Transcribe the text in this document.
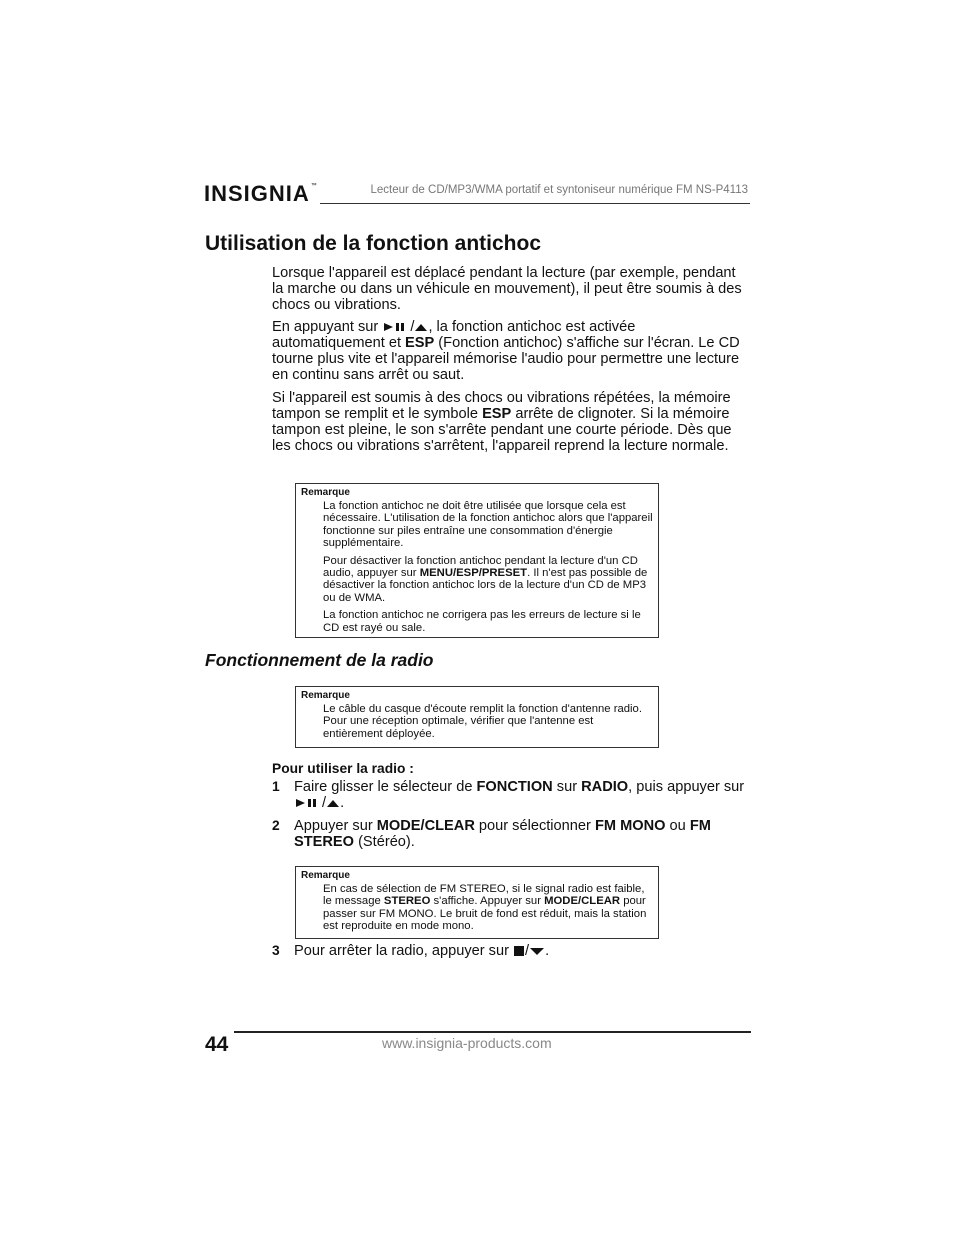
INSIGNIA™	Lecteur de CD/MP3/WMA portatif et syntoniseur numérique FM NS-P4113
Utilisation de la fonction antichoc

Lorsque l'appareil est déplacé pendant la lecture (par exemple, pendant la marche ou dans un véhicule en mouvement), il peut être soumis à des chocs ou vibrations.

En appuyant sur  / , la fonction antichoc est activée automatiquement et ESP (Fonction antichoc) s'affiche sur l'écran. Le CD tourne plus vite et l'appareil mémorise l'audio pour permettre une lecture en continu sans arrêt ou saut.

Si l'appareil est soumis à des chocs ou vibrations répétées, la mémoire tampon se remplit et le symbole ESP arrête de clignoter. Si la mémoire tampon est pleine, le son s'arrête pendant une courte période. Dès que les chocs ou vibrations s'arrêtent, l'appareil reprend la lecture normale.

Remarque

La fonction antichoc ne doit être utilisée que lorsque cela est nécessaire. L'utilisation de la fonction antichoc alors que l'appareil fonctionne sur piles entraîne une consommation d'énergie supplémentaire.

Pour désactiver la fonction antichoc pendant la lecture d'un CD audio, appuyer sur MENU/ESP/PRESET. Il n'est pas possible de désactiver la fonction antichoc lors de la lecture d'un CD de MP3 ou de WMA.

La fonction antichoc ne corrigera pas les erreurs de lecture si le CD est rayé ou sale.

Fonctionnement de la radio
Remarque

Le câble du casque d'écoute remplit la fonction d'antenne radio. Pour une réception optimale, vérifier que l'antenne est entièrement déployée.

Pour utiliser la radio :
1 Faire glisser le sélecteur de FONCTION sur RADIO, puis appuyer sur  / .
2 Appuyer sur MODE/CLEAR pour sélectionner FM MONO ou FM STEREO (Stéréo).
Remarque

En cas de sélection de FM STEREO, si le signal radio est faible, le message STEREO s'affiche. Appuyer sur MODE/CLEAR pour passer sur FM MONO. Le bruit de fond est réduit, mais la station est reproduite en mode mono.

3 Pour arrêter la radio, appuyer sur / .
44	www.insignia-products.com
